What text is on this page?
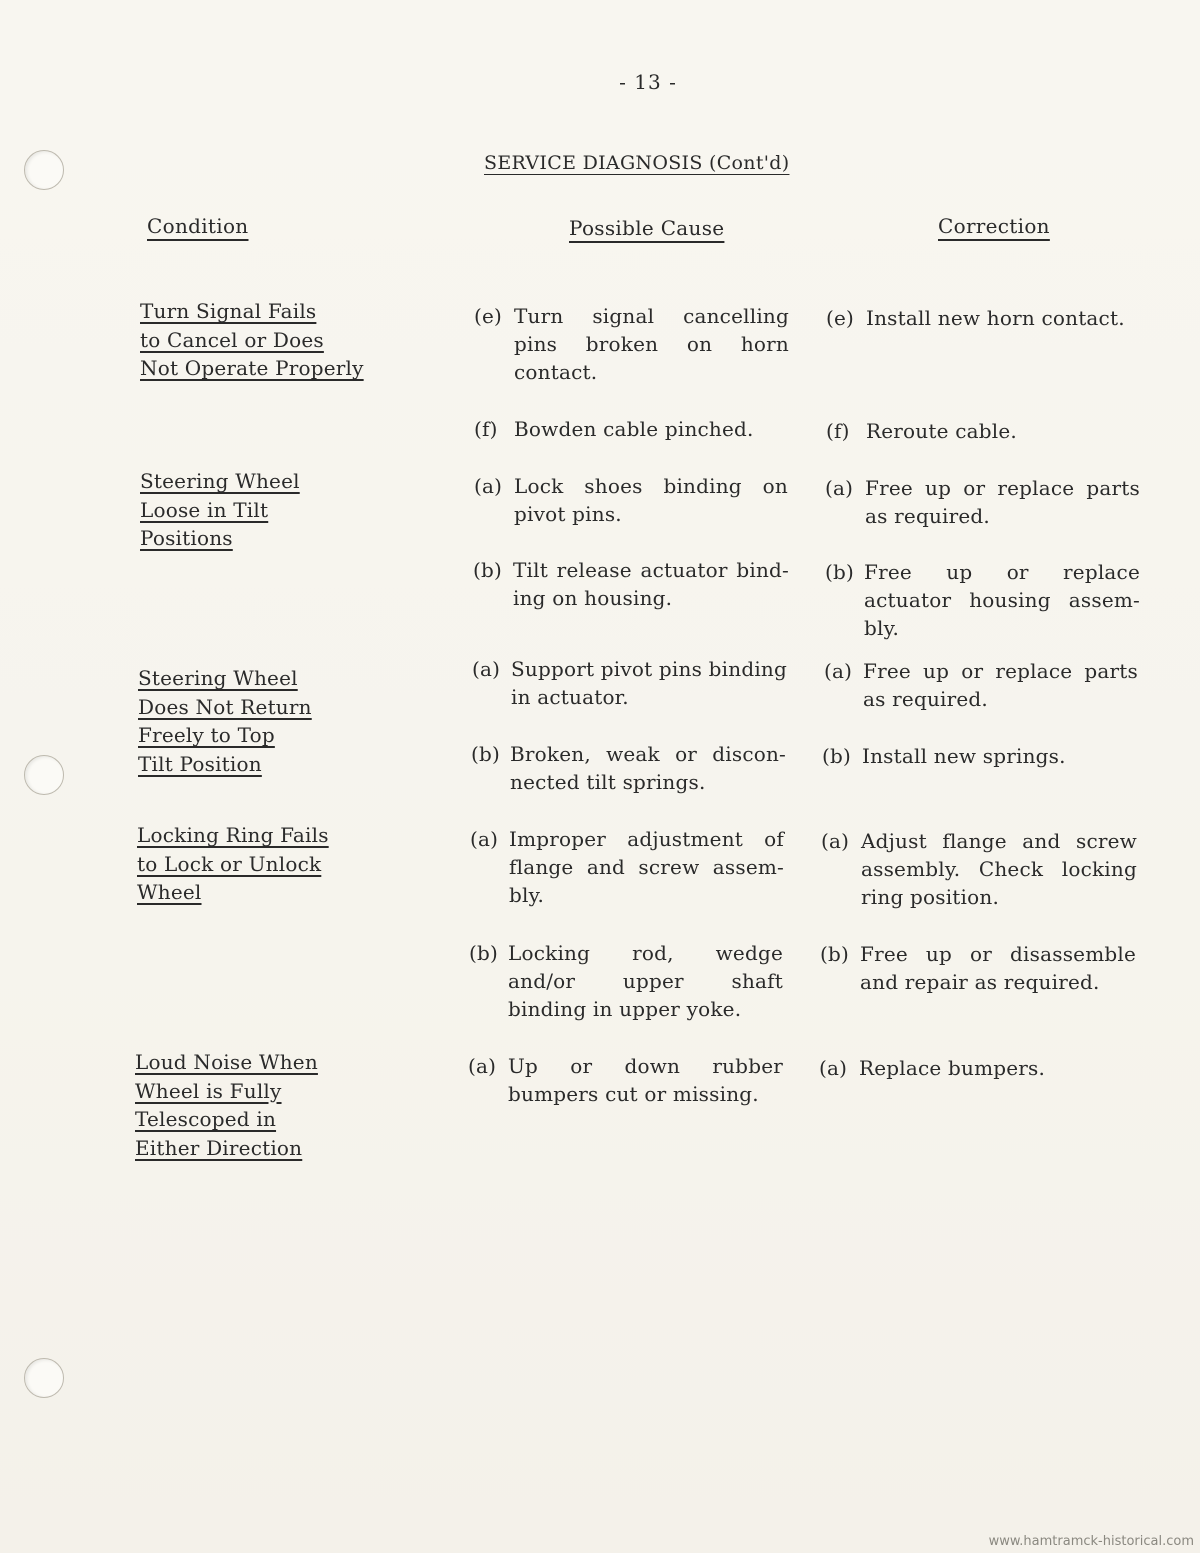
- 13 -
SERVICE DIAGNOSIS (Cont'd)
Condition	Possible Cause	Correction
Turn Signal Fails
to Cancel or Does
Not Operate Properly
Steering Wheel
Loose in Tilt
Positions
Steering Wheel
Does Not Return
Freely to Top
Tilt Position
Locking Ring Fails
to Lock or Unlock
Wheel
Loud Noise When
Wheel is Fully
Telescoped in
Either Direction
(e) Turn signal cancelling pins broken on horn contact.
(f) Bowden cable pinched.
(a) Lock shoes binding on pivot pins.
(b) Tilt release actuator bind-ing on housing.
(a) Support pivot pins binding in actuator.
(b) Broken, weak or discon-nected tilt springs.
(a) Improper adjustment of flange and screw assem-bly.
(b) Locking rod, wedge and/or upper shaft binding in upper yoke.
(a) Up or down rubber bumpers cut or missing.
(e) Install new horn contact.
(f) Reroute cable.
(a) Free up or replace parts as required.
(b) Free up or replace actuator housing assem-bly.
(a) Free up or replace parts as required.
(b) Install new springs.
(a) Adjust flange and screw assembly. Check locking ring position.
(b) Free up or disassemble and repair as required.
(a) Replace bumpers.
www.hamtramck-historical.com
